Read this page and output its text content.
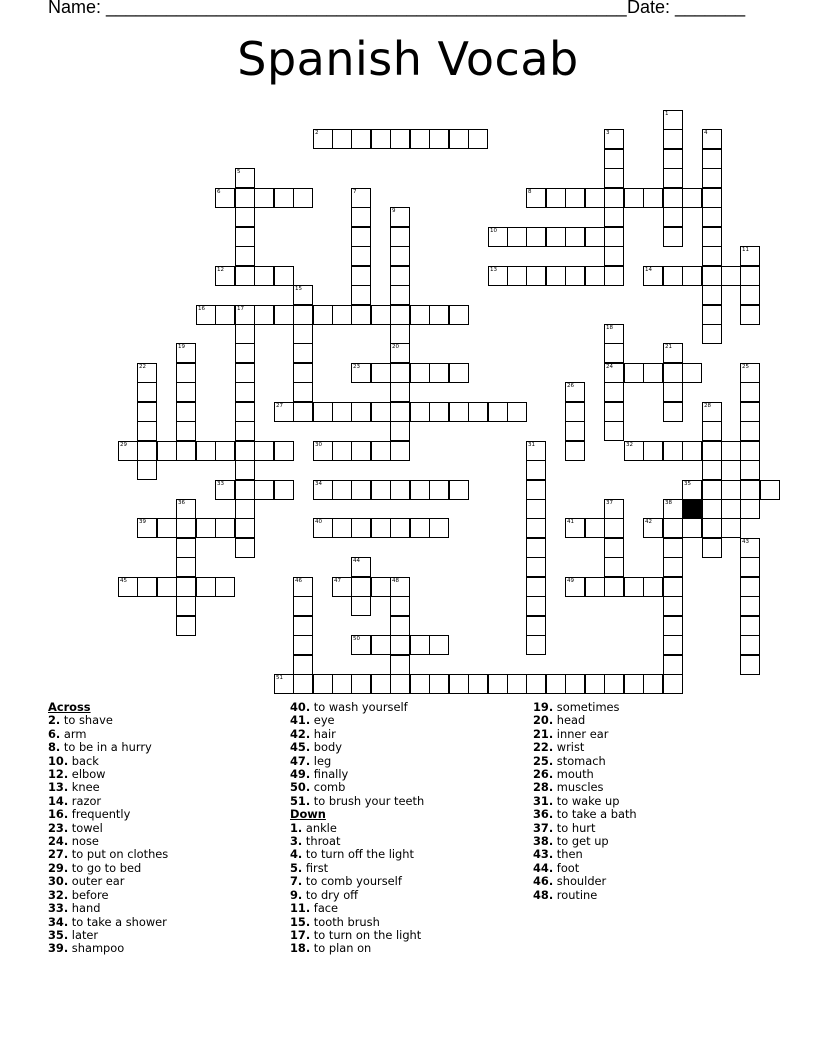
Name: ____________________________________________________ Date: _______
Spanish Vocab
2
6	8
10
12	13	14
16	17
23	24
27
29	30	32
33	34	35
39	40	41	42
45	47	49
50
51
1
3	4
5
7
9
11
15
18
19	20	21
22	25
26
28
31
36	37	38
43
44
46	48
Across
2. to shave
6. arm
8. to be in a hurry
10. back
12. elbow
13. knee
14. razor
16. frequently
23. towel
24. nose
27. to put on clothes
29. to go to bed
30. outer ear
32. before
33. hand
34. to take a shower
35. later
39. shampoo
40. to wash yourself
41. eye
42. hair
45. body
47. leg
49. finally
50. comb
51. to brush your teeth
Down
1. ankle
3. throat
4. to turn off the light
5. first
7. to comb yourself
9. to dry off
11. face
15. tooth brush
17. to turn on the light
18. to plan on
19. sometimes
20. head
21. inner ear
22. wrist
25. stomach
26. mouth
28. muscles
31. to wake up
36. to take a bath
37. to hurt
38. to get up
43. then
44. foot
46. shoulder
48. routine
